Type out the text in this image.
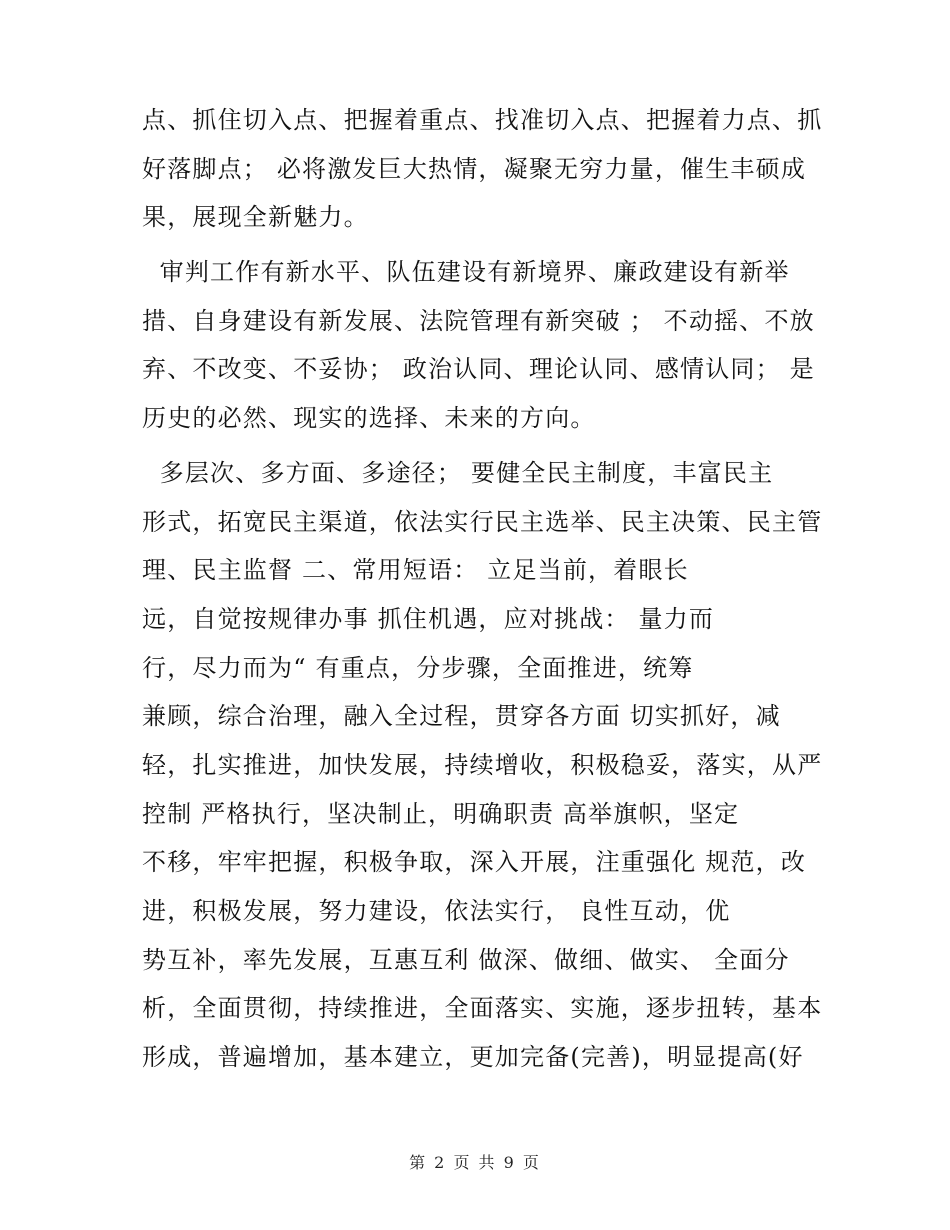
点、抓住切入点、把握着重点、找准切入点、把握着力点、抓
好落脚点； 必将激发巨大热情，凝聚无穷力量，催生丰硕成
果，展现全新魅力。
审判工作有新水平、队伍建设有新境界、廉政建设有新举
措、自身建设有新发展、法院管理有新突破 ； 不动摇、不放
弃、不改变、不妥协； 政治认同、理论认同、感情认同； 是
历史的必然、现实的选择、未来的方向。
多层次、多方面、多途径； 要健全民主制度，丰富民主
形式，拓宽民主渠道，依法实行民主选举、民主决策、民主管
理、民主监督 二、常用短语： 立足当前，着眼长
远，自觉按规律办事 抓住机遇，应对挑战： 量力而
行，尽力而为“ 有重点，分步骤，全面推进，统筹
兼顾，综合治理，融入全过程，贯穿各方面 切实抓好，减
轻，扎实推进，加快发展，持续增收，积极稳妥，落实，从严
控制 严格执行，坚决制止，明确职责 高举旗帜，坚定
不移，牢牢把握，积极争取，深入开展，注重强化 规范，改
进，积极发展，努力建设，依法实行， 良性互动，优
势互补，率先发展，互惠互利 做深、做细、做实、 全面分
析，全面贯彻，持续推进，全面落实、实施，逐步扭转，基本
形成，普遍增加，基本建立，更加完备(完善)，明显提高(好
第 2 页 共 9 页
